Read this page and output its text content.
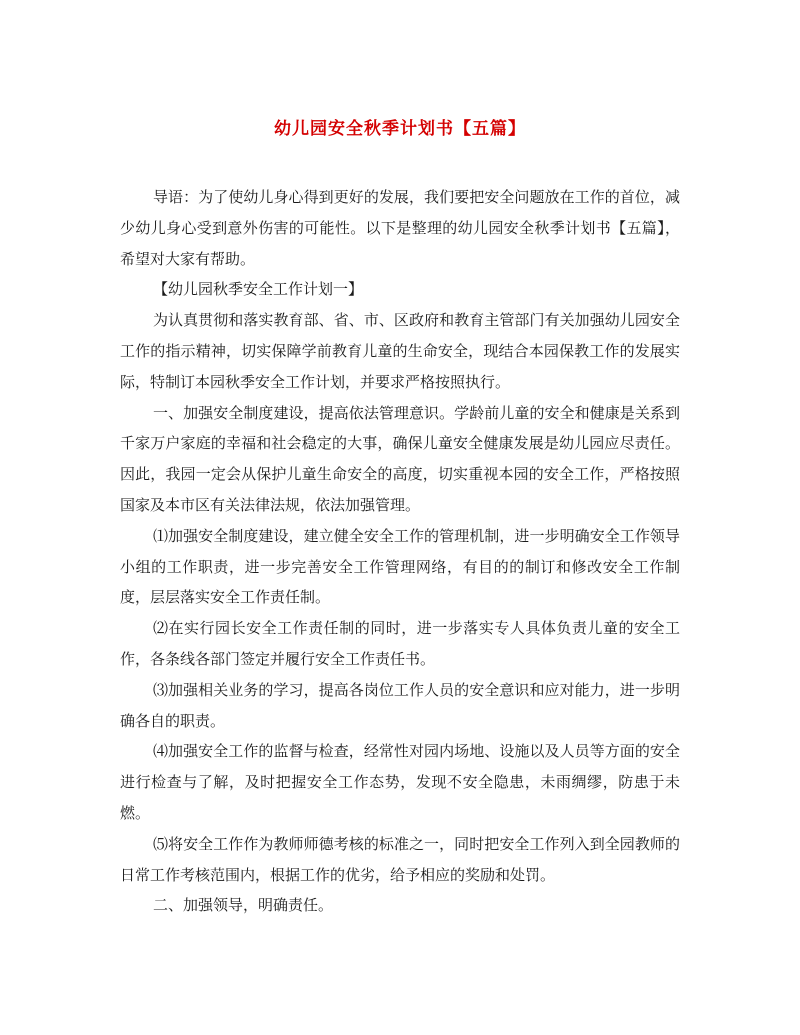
幼儿园安全秋季计划书【五篇】

导语：为了使幼儿身心得到更好的发展，我们要把安全问题放在工作的首位，减少幼儿身心受到意外伤害的可能性。以下是整理的幼儿园安全秋季计划书【五篇】，希望对大家有帮助。

【幼儿园秋季安全工作计划一】

为认真贯彻和落实教育部、省、市、区政府和教育主管部门有关加强幼儿园安全工作的指示精神，切实保障学前教育儿童的生命安全，现结合本园保教工作的发展实际，特制订本园秋季安全工作计划，并要求严格按照执行。

一、加强安全制度建设，提高依法管理意识。学龄前儿童的安全和健康是关系到千家万户家庭的幸福和社会稳定的大事，确保儿童安全健康发展是幼儿园应尽责任。因此，我园一定会从保护儿童生命安全的高度，切实重视本园的安全工作，严格按照国家及本市区有关法律法规，依法加强管理。

⑴加强安全制度建设，建立健全安全工作的管理机制，进一步明确安全工作领导小组的工作职责，进一步完善安全工作管理网络，有目的的制订和修改安全工作制度，层层落实安全工作责任制。

⑵在实行园长安全工作责任制的同时，进一步落实专人具体负责儿童的安全工作，各条线各部门签定并履行安全工作责任书。

⑶加强相关业务的学习，提高各岗位工作人员的安全意识和应对能力，进一步明确各自的职责。

⑷加强安全工作的监督与检查，经常性对园内场地、设施以及人员等方面的安全进行检查与了解，及时把握安全工作态势，发现不安全隐患，未雨绸缪，防患于未燃。

⑸将安全工作作为教师师德考核的标准之一，同时把安全工作列入到全园教师的日常工作考核范围内，根据工作的优劣，给予相应的奖励和处罚。

二、加强领导，明确责任。
